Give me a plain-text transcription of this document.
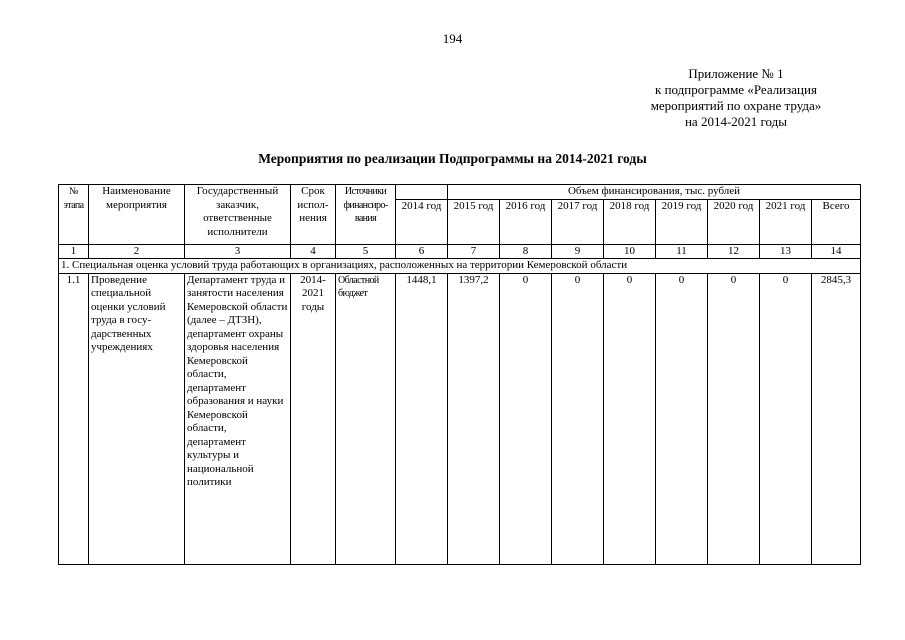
194
Приложение № 1
к подпрограмме «Реализация
мероприятий по охране труда»
на 2014-2021 годы
Мероприятия по реализации Подпрограммы на 2014-2021 годы
№ этапа	Наименование мероприятия	Государственный заказчик, ответственные исполнители	Срок испол-нения	Источники финансиро-вания		Объем финансирования, тыс. рублей							
					2014 год	2015 год	2016 год	2017 год	2018 год	2019 год	2020 год	2021 год	Всего
1	2	3	4	5	6	7	8	9	10	11	12	13	14
1. Специальная оценка условий труда работающих в организациях, расположенных на территории Кемеровской области													
1.1	Проведение специальной оценки условий труда в госу-дарственных учреждениях	Департамент труда и занятости населения Кемеровской области (далее – ДТЗН), департамент охраны здоровья населения Кемеровской области, департамент образования и науки Кемеровской области, департамент культуры и национальной политики	2014-2021 годы	Областной бюджет	1448,1	1397,2	0	0	0	0	0	0	2845,3
